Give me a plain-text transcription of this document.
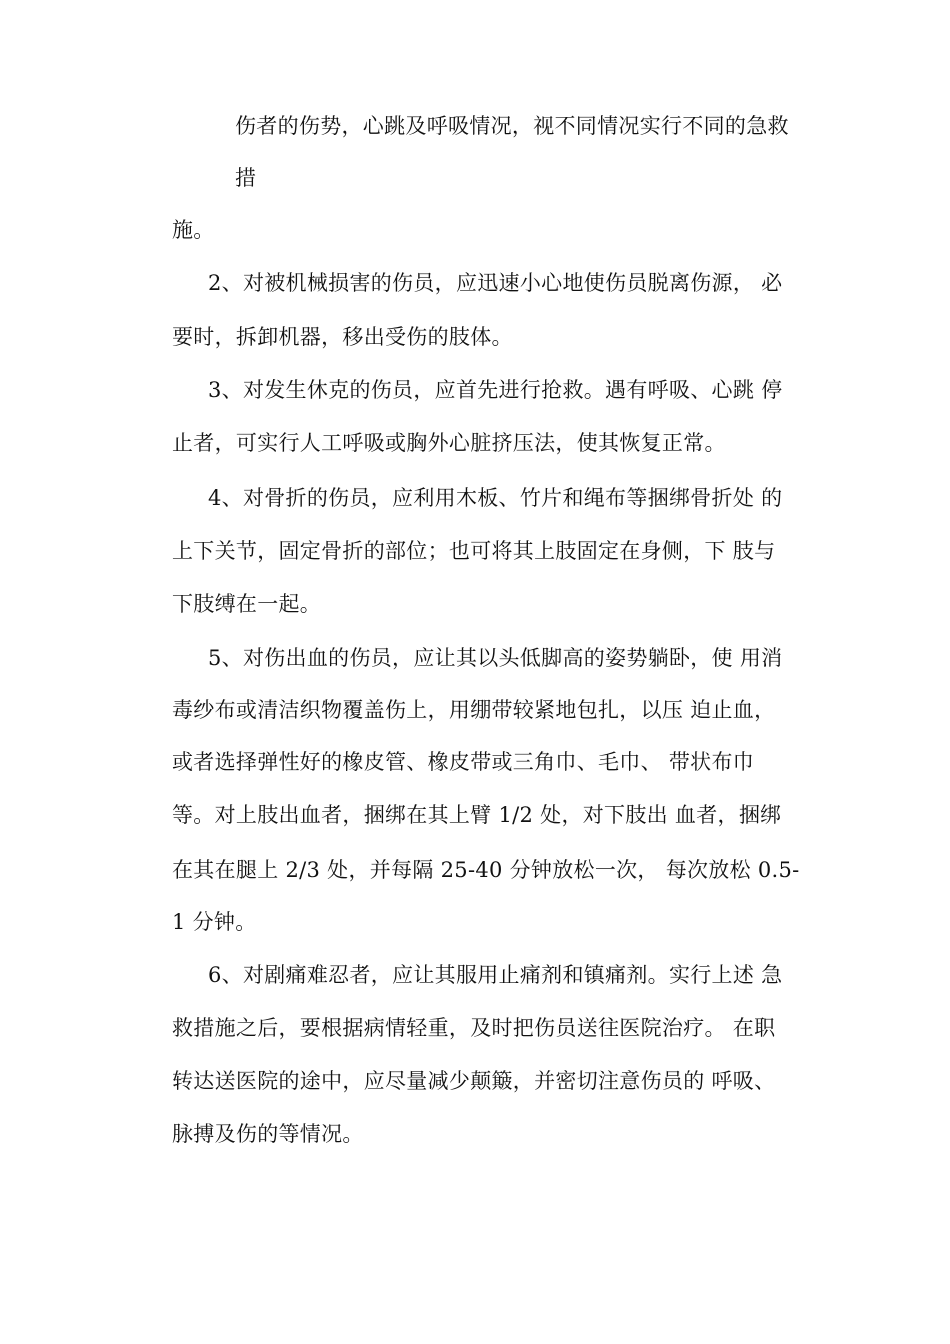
伤者的伤势，心跳及呼吸情况，视不同情况实行不同的急救
措
施。
2、对被机械损害的伤员，应迅速小心地使伤员脱离伤源， 必
要时，拆卸机器，移出受伤的肢体。
3、对发生休克的伤员，应首先进行抢救。遇有呼吸、心跳 停
止者，可实行人工呼吸或胸外心脏挤压法，使其恢复正常。
4、对骨折的伤员，应利用木板、竹片和绳布等捆绑骨折处 的
上下关节，固定骨折的部位；也可将其上肢固定在身侧，下 肢与
下肢缚在一起。
5、对伤出血的伤员，应让其以头低脚高的姿势躺卧，使 用消
毒纱布或清洁织物覆盖伤上，用绷带较紧地包扎，以压 迫止血，
或者选择弹性好的橡皮管、橡皮带或三角巾、毛巾、 带状布巾
等。对上肢出血者，捆绑在其上臂 1/2 处，对下肢出 血者，捆绑
在其在腿上 2/3 处，并每隔 25-40 分钟放松一次， 每次放松 0.5-
1 分钟。
6、对剧痛难忍者，应让其服用止痛剂和镇痛剂。实行上述 急
救措施之后，要根据病情轻重，及时把伤员送往医院治疗。 在职
转达送医院的途中，应尽量减少颠簸，并密切注意伤员的 呼吸、
脉搏及伤的等情况。
